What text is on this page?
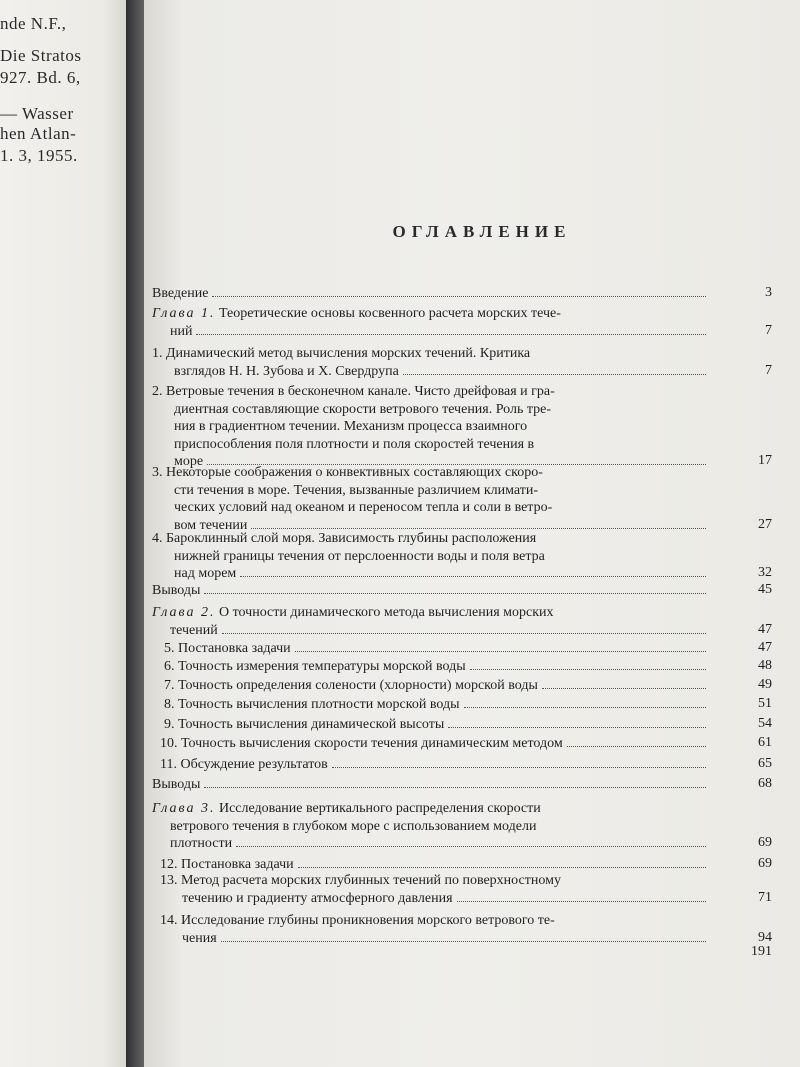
nde N.F.,
Die Stratos
927. Bd. 6,
— Wasser
hen Atlan-
1. 3, 1955.
ОГЛАВЛЕНИЕ
Введение	3
Глава 1. Теоретические основы косвенного расчета морских тече-
ний	7
1. Динамический метод вычисления морских течений. Критика
взглядов Н. Н. Зубова и Х. Свердрупа	7
2. Ветровые течения в бесконечном канале. Чисто дрейфовая и гра-
диентная составляющие скорости ветрового течения. Роль тре-
ния в градиентном течении. Механизм процесса взаимного
приспособления поля плотности и поля скоростей течения в
море	17
3. Некоторые соображения о конвективных составляющих скоро-
сти течения в море. Течения, вызванные различием климати-
ческих условий над океаном и переносом тепла и соли в ветро-
вом течении	27
4. Бароклинный слой моря. Зависимость глубины расположения
нижней границы течения от перслоенности воды и поля ветра
над морем	32
Выводы	45
Глава 2. О точности динамического метода вычисления морских
течений	47
5. Постановка задачи	47
6. Точность измерения температуры морской воды	48
7. Точность определения солености (хлорности) морской воды	49
8. Точность вычисления плотности морской воды	51
9. Точность вычисления динамической высоты	54
10. Точность вычисления скорости течения динамическим методом	61
11. Обсуждение результатов	65
Выводы	68
Глава 3. Исследование вертикального распределения скорости
ветрового течения в глубоком море с использованием модели
плотности	69
12. Постановка задачи	69
13. Метод расчета морских глубинных течений по поверхностному
течению и градиенту атмосферного давления	71
14. Исследование глубины проникновения морского ветрового те-
чения	94
191
